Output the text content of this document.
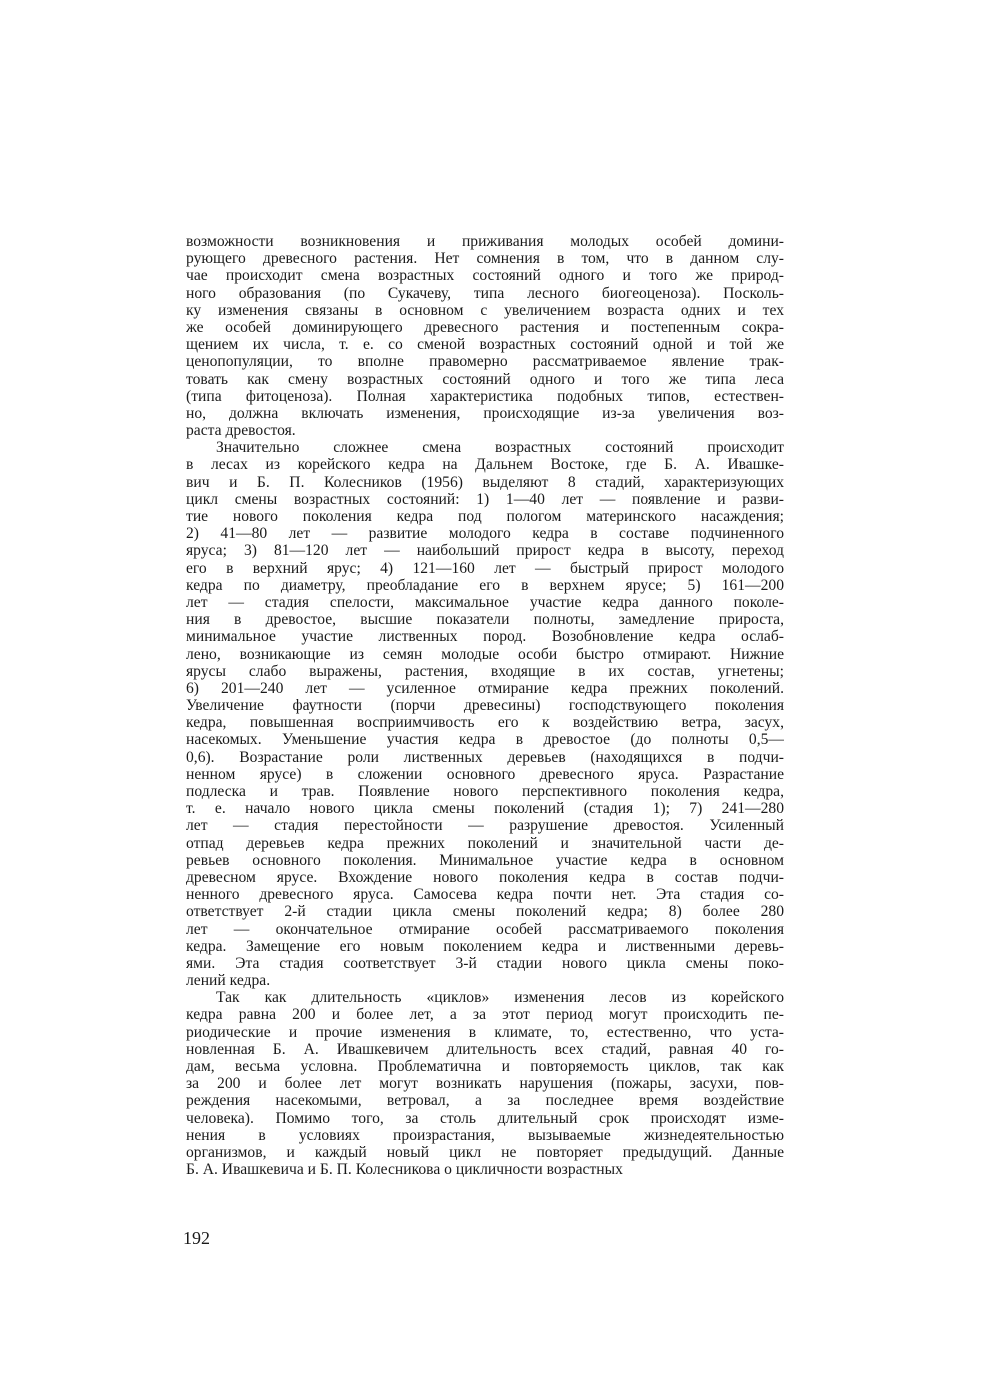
возможности возникновения и приживания молодых особей домини-
рующего древесного растения. Нет сомнения в том, что в данном слу-
чае происходит смена возрастных состояний одного и того же природ-
ного образования (по Сукачеву, типа лесного биогеоценоза). Посколь-
ку изменения связаны в основном с увеличением возраста одних и тех
же особей доминирующего древесного растения и постепенным сокра-
щением их числа, т. е. со сменой возрастных состояний одной и той же
ценопопуляции, то вполне правомерно рассматриваемое явление трак-
товать как смену возрастных состояний одного и того же типа леса
(типа фитоценоза). Полная характеристика подобных типов, естествен-
но, должна включать изменения, происходящие из-за увеличения воз-
раста древостоя.
Значительно сложнее смена возрастных состояний происходит
в лесах из корейского кедра на Дальнем Востоке, где Б. А. Ивашке-
вич и Б. П. Колесников (1956) выделяют 8 стадий, характеризующих
цикл смены возрастных состояний: 1) 1—40 лет — появление и разви-
тие нового поколения кедра под пологом материнского насаждения;
2) 41—80 лет — развитие молодого кедра в составе подчиненного
яруса; 3) 81—120 лет — наибольший прирост кедра в высоту, переход
его в верхний ярус; 4) 121—160 лет — быстрый прирост молодого
кедра по диаметру, преобладание его в верхнем ярусе; 5) 161—200
лет — стадия спелости, максимальное участие кедра данного поколе-
ния в древостое, высшие показатели полноты, замедление прироста,
минимальное участие лиственных пород. Возобновление кедра ослаб-
лено, возникающие из семян молодые особи быстро отмирают. Нижние
ярусы слабо выражены, растения, входящие в их состав, угнетены;
6) 201—240 лет — усиленное отмирание кедра прежних поколений.
Увеличение фаутности (порчи древесины) господствующего поколения
кедра, повышенная восприимчивость его к воздействию ветра, засух,
насекомых. Уменьшение участия кедра в древостое (до полноты 0,5—
0,6). Возрастание роли лиственных деревьев (находящихся в подчи-
ненном ярусе) в сложении основного древесного яруса. Разрастание
подлеска и трав. Появление нового перспективного поколения кедра,
т. е. начало нового цикла смены поколений (стадия 1); 7) 241—280
лет — стадия перестойности — разрушение древостоя. Усиленный
отпад деревьев кедра прежних поколений и значительной части де-
ревьев основного поколения. Минимальное участие кедра в основном
древесном ярусе. Вхождение нового поколения кедра в состав подчи-
ненного древесного яруса. Самосева кедра почти нет. Эта стадия со-
ответствует 2-й стадии цикла смены поколений кедра; 8) более 280
лет — окончательное отмирание особей рассматриваемого поколения
кедра. Замещение его новым поколением кедра и лиственными деревь-
ями. Эта стадия соответствует 3-й стадии нового цикла смены поко-
лений кедра.
Так как длительность «циклов» изменения лесов из корейского
кедра равна 200 и более лет, а за этот период могут происходить пе-
риодические и прочие изменения в климате, то, естественно, что уста-
новленная Б. А. Ивашкевичем длительность всех стадий, равная 40 го-
дам, весьма условна. Проблематична и повторяемость циклов, так как
за 200 и более лет могут возникать нарушения (пожары, засухи, пов-
реждения насекомыми, ветровал, а за последнее время воздействие
человека). Помимо того, за столь длительный срок происходят изме-
нения в условиях произрастания, вызываемые жизнедеятельностью
организмов, и каждый новый цикл не повторяет предыдущий. Данные
Б. А. Ивашкевича и Б. П. Колесникова о цикличности возрастных
192
